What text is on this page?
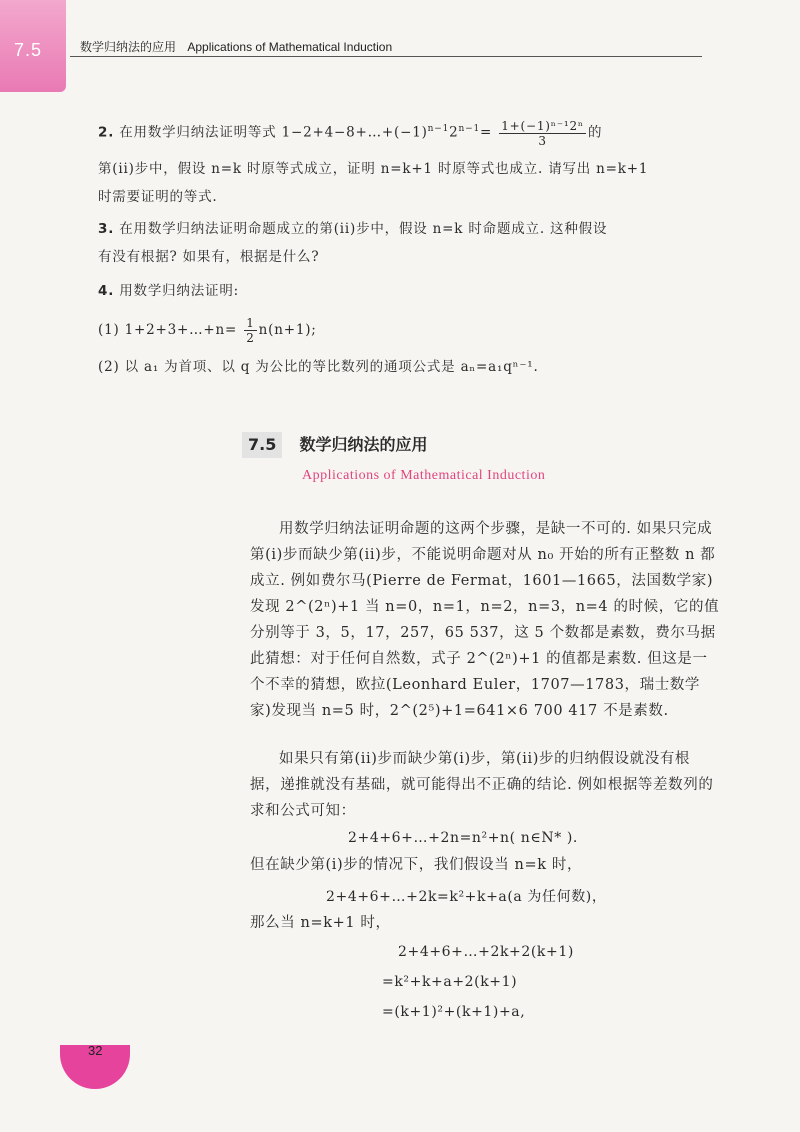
7.5	数学归纳法的应用 Applications of Mathematical Induction
2. 在用数学归纳法证明等式 $1-2+4-8+\dots+(-1)^{n-1}2^{n-1}= \frac{\text{1+(−1)ⁿ⁻¹2ⁿ}}{3}$ 的
第(ii)步中，假设 n=k 时原等式成立，证明 n=k+1 时原等式也成立. 请写出 n=k+1
时需要证明的等式.
3. 在用数学归纳法证明命题成立的第(ii)步中，假设 n=k 时命题成立. 这种假设
有没有根据? 如果有，根据是什么?
4. 用数学归纳法证明:
(1) 1+2+3+…+n= $\frac{1}{2} n(n+1)$;
(2) 以 a₁ 为首项、以 q 为公比的等比数列的通项公式是 aₙ=a₁qⁿ⁻¹.
7.5 数学归纳法的应用
Applications of Mathematical Induction

用数学归纳法证明命题的这两个步骤，是缺一不可的. 如果只完成第(i)步而缺少第(ii)步，不能说明命题对从 n₀ 开始的所有正整数 n 都成立. 例如费尔马(Pierre de Fermat，1601—1665，法国数学家)发现 2^(2ⁿ)+1 当 n=0，n=1，n=2，n=3，n=4 的时候，它的值分别等于 3，5，17，257，65 537，这 5 个数都是素数，费尔马据此猜想：对于任何自然数，式子 2^(2ⁿ)+1 的值都是素数. 但这是一个不幸的猜想，欧拉(Leonhard Euler，1707—1783，瑞士数学家)发现当 n=5 时，2^(2⁵)+1=641×6 700 417 不是素数.

如果只有第(ii)步而缺少第(i)步，第(ii)步的归纳假设就没有根据，递推就没有基础，就可能得出不正确的结论. 例如根据等差数列的求和公式可知：

2+4+6+…+2n=n²+n( n∈N* ).
但在缺少第(i)步的情况下，我们假设当 n=k 时，
2+4+6+…+2k=k²+k+a(a 为任何数)，
那么当 n=k+1 时，
2+4+6+…+2k+2(k+1)
=k²+k+a+2(k+1)
=(k+1)²+(k+1)+a,
32
